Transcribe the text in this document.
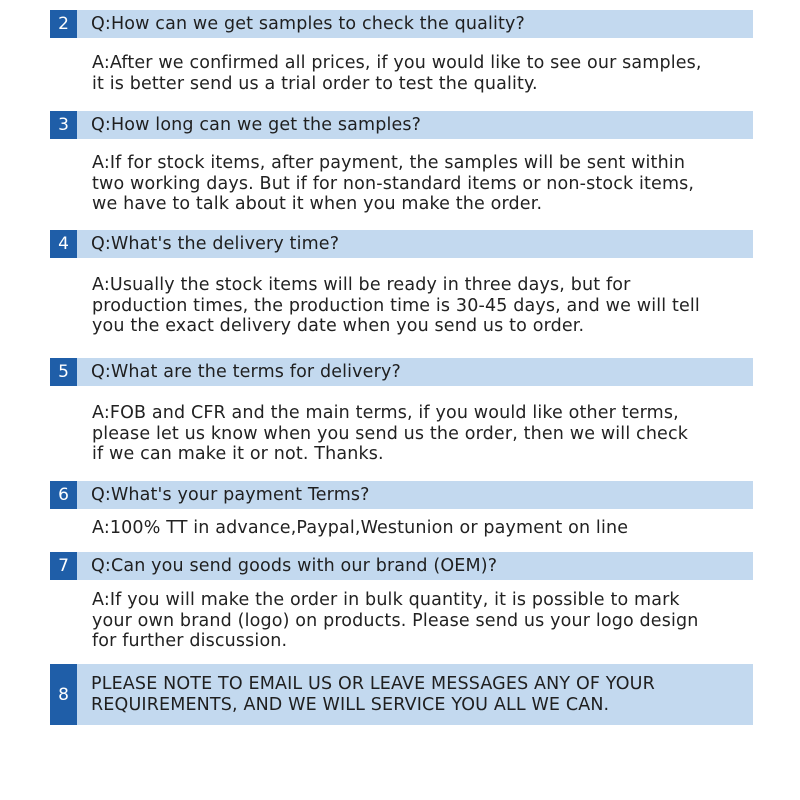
2	Q:How can we get samples to check the quality?
A:After we confirmed all prices, if you would like to see our samples,
it is better send us a trial order to test the quality.
3	Q:How long can we get the samples?
A:If for stock items, after payment, the samples will be sent within
two working days. But if for non-standard items or non-stock items,
we have to talk about it when you make the order.
4	Q:What's the delivery time?
A:Usually the stock items will be ready in three days, but for
production times, the production time is 30-45 days, and we will tell
you the exact delivery date when you send us to order.
5	Q:What are the terms for delivery?
A:FOB and CFR and the main terms, if you would like other terms,
please let us know when you send us the order, then we will check
if we can make it or not. Thanks.
6	Q:What's your payment Terms?
A:100% TT in advance,Paypal,Westunion or payment on line
7	Q:Can you send goods with our brand (OEM)?
A:If you will make the order in bulk quantity, it is possible to mark
your own brand (logo) on products. Please send us your logo design
for further discussion.
8
PLEASE NOTE TO EMAIL US OR LEAVE MESSAGES ANY OF YOUR
REQUIREMENTS, AND WE WILL SERVICE YOU ALL WE CAN.
